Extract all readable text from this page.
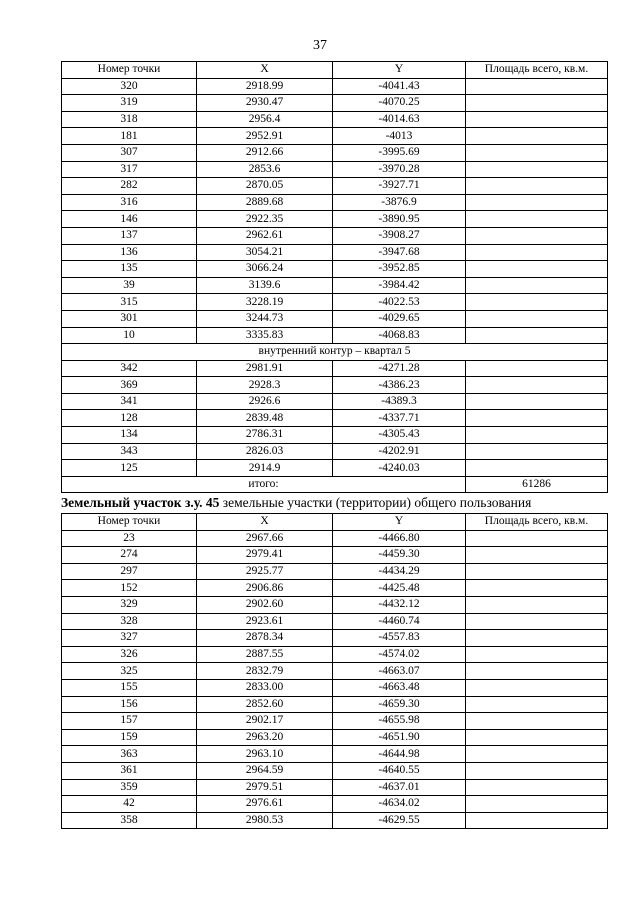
37
Номер точки	X	Y	Площадь всего, кв.м.
320	2918.99	-4041.43	
319	2930.47	-4070.25	
318	2956.4	-4014.63	
181	2952.91	-4013	
307	2912.66	-3995.69	
317	2853.6	-3970.28	
282	2870.05	-3927.71	
316	2889.68	-3876.9	
146	2922.35	-3890.95	
137	2962.61	-3908.27	
136	3054.21	-3947.68	
135	3066.24	-3952.85	
39	3139.6	-3984.42	
315	3228.19	-4022.53	
301	3244.73	-4029.65	
10	3335.83	-4068.83	
внутренний контур – квартал 5			
342	2981.91	-4271.28	
369	2928.3	-4386.23	
341	2926.6	-4389.3	
128	2839.48	-4337.71	
134	2786.31	-4305.43	
343	2826.03	-4202.91	
125	2914.9	-4240.03	
итого:			61286
Земельный участок з.у. 45 земельные участки (территории) общего пользования
Номер точки	X	Y	Площадь всего, кв.м.
23	2967.66	-4466.80	
274	2979.41	-4459.30	
297	2925.77	-4434.29	
152	2906.86	-4425.48	
329	2902.60	-4432.12	
328	2923.61	-4460.74	
327	2878.34	-4557.83	
326	2887.55	-4574.02	
325	2832.79	-4663.07	
155	2833.00	-4663.48	
156	2852.60	-4659.30	
157	2902.17	-4655.98	
159	2963.20	-4651.90	
363	2963.10	-4644.98	
361	2964.59	-4640.55	
359	2979.51	-4637.01	
42	2976.61	-4634.02	
358	2980.53	-4629.55	
